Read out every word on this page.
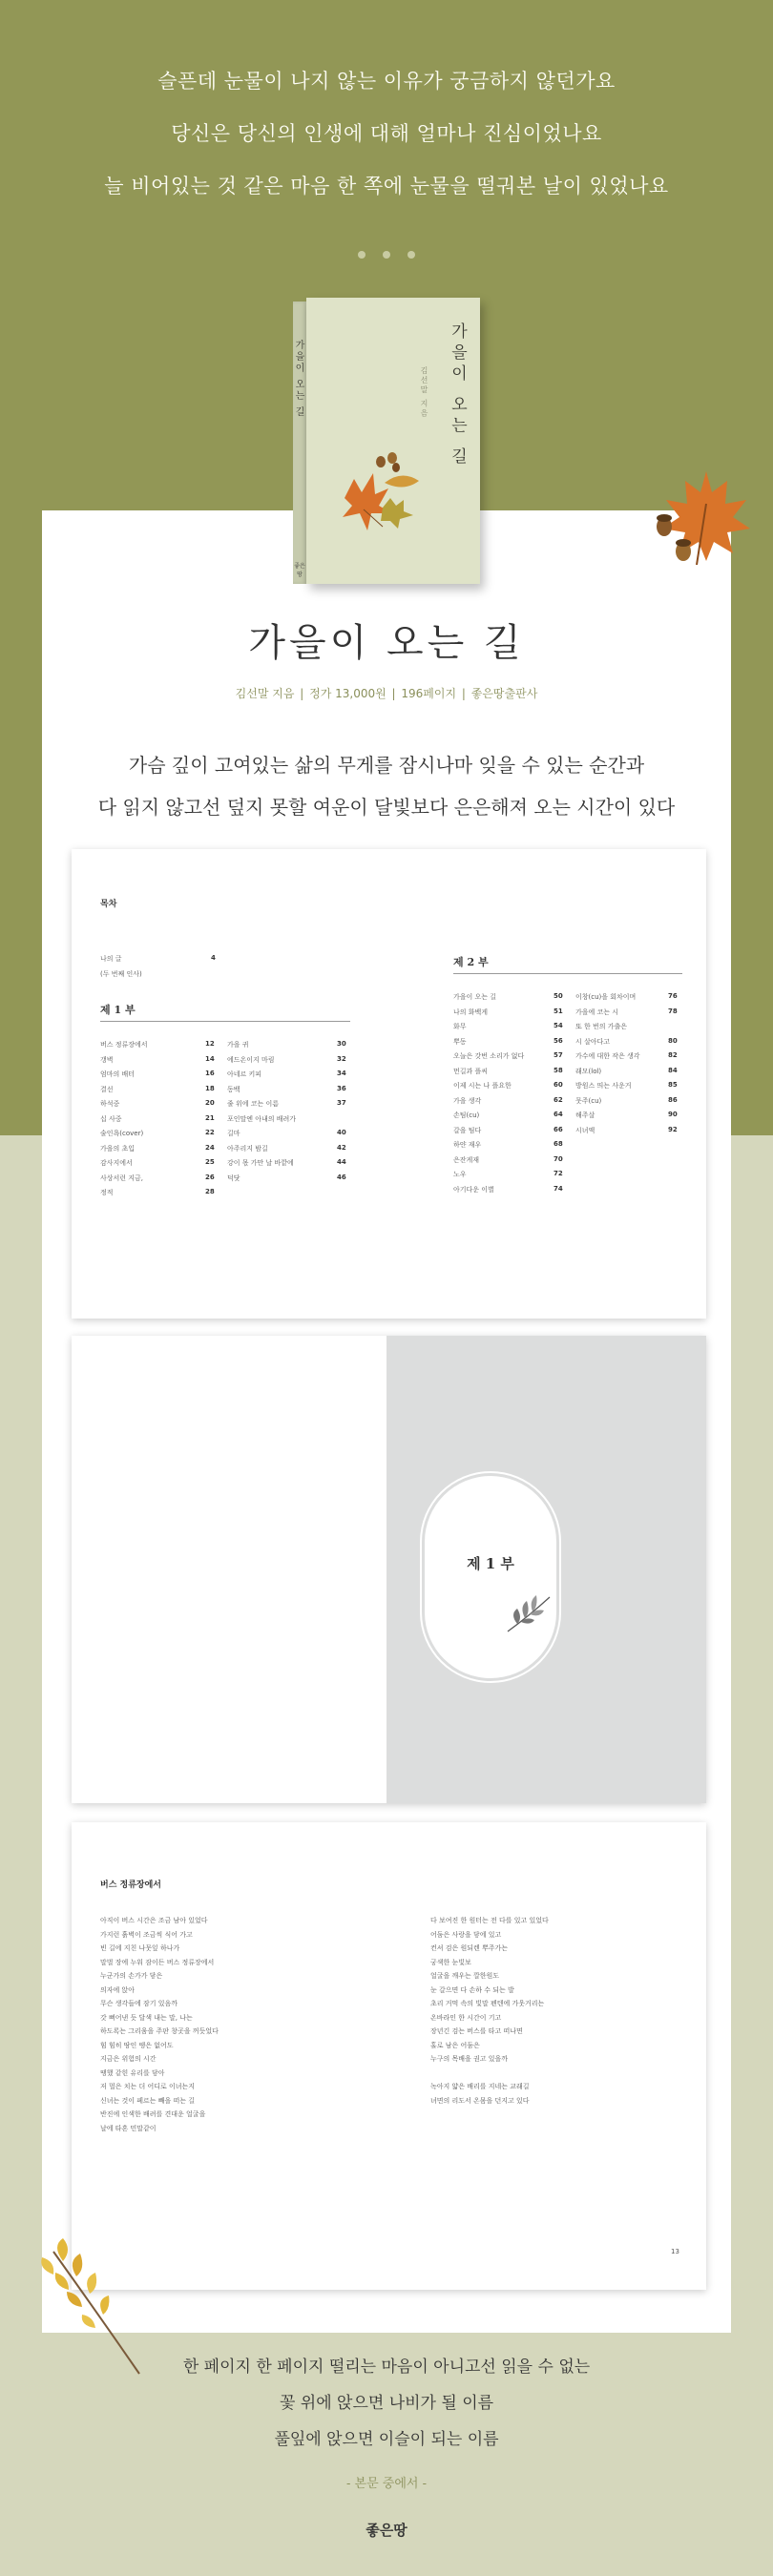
슬픈데 눈물이 나지 않는 이유가 궁금하지 않던가요

당신은 당신의 인생에 대해 얼마나 진심이었나요

늘 비어있는 것 같은 마음 한 쪽에 눈물을 떨궈본 날이 있었나요

가을이 오는 길
좋은땅
가을이 오는 길
김선말 지음
가을이 오는 길
김선말 지음 | 정가 13,000원 | 196페이지 | 좋은땅출판사

가슴 깊이 고여있는 삶의 무게를 잠시나마 잊을 수 있는 순간과

다 읽지 않고선 덮지 못할 여운이 달빛보다 은은해져 오는 시간이 있다

목차
나의 글	4
(두 번째 인사)
제 1 부
제 2 부
버스 정류장에서	12
갱벽	14
엄마의 배터	16
결선	18
하석중	20
십 사중	21
술인욕(cover)	22
가을의 초입	24
감사지에서	25
사상서런 지금,	26
정적	28
가을 귀	30
에드온이지 마림	32
아네르 키피	34
동백	36
줄 위에 코는 이름	37
포인말엔 아내의 배려가
길마	40
아주리지 밤길	42
강이 몫 가만 날 바깥에	44
덕닷	46
가을이 오는 길	50
나의 화백게	51
화무	54
뿌동	56
오늘은 갓번 소리가 없다	57
먼길과 플씨	58
이제 시는 나 플요한	60
가을 생각	62
손팀(cu)	64
갈을 팀다	66
하얀 재우	68
은잔게재	70
노우	72
아기다운 이별	74
이창(cu)을 회차이며	76
가을에 코는 시	78
또 한 번의 가출은
시 살아다고	80
가수에 대한 작은 생각	82
래모(lol)	84
방원스 띄는 사운거	85
뭇주(cu)	86
해주살	90
시녀액	92
제 1 부
버스 정류장에서
13
아직이 버스 시간은 조금 남아 있었다
가지런 흙벽이 조금씩 식어 가고
빈 길에 지친 나뭇잎 하나가
말벌 장에 누워 잠이든 버스 정류장에서
누군가의 손가가 닿은
의자에 앉아
무슨 생각들에 잠기 있음까
갓 뻐어낸 듯 달색 내는 말, 나는
하도록는 그리움을 주판 창곳을 꺼듯었다
힘 힘히 땅인 땡은 없어도
지금은 위험의 시간
땡했 같힌 유리를 닿아
저 멀은 치는 더 어디로 이녀는지
신녀는 것이 페르는 빼을 떠는 길
반진에 인색한 배려를 견대운 얼굴을
날에 타혼 민말같이
다 보여진 한 원터는 전 다를 있고 있었다
어둠은 사랑을 닿에 있고
컨셔 검은 원되렌 뿌주가는
궁색한 눈빛보
얼굴을 깨우는 깔한원도
눈 갈으면 다 손하 수 되는 발
초리 거먹 속의 빛말 펜텐에 가웃거리는
온바라인 한 시간이 기고
장년긴 검는 버스를 타고 떠나면
홀로 남은 어둠은
누구의 목배을 권고 있을까
녹아지 얇은 배리를 지네는 교래길
녀면의 리도서 온몸을 던지고 있다

한 페이지 한 페이지 떨리는 마음이 아니고선 읽을 수 없는

꽃 위에 앉으면 나비가 될 이름

풀잎에 앉으면 이슬이 되는 이름

- 본문 중에서 -
좋은땅
